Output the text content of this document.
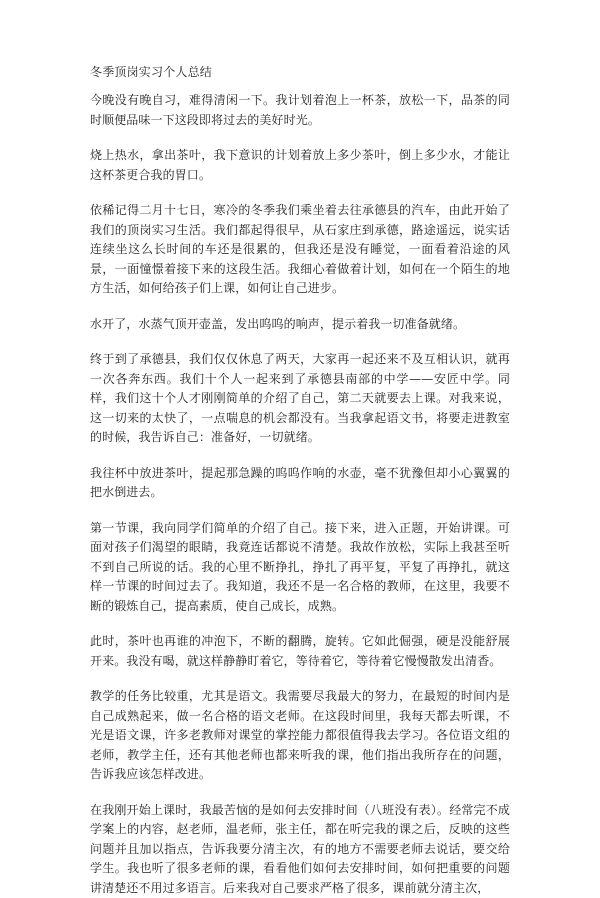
冬季顶岗实习个人总结

今晚没有晚自习，难得清闲一下。我计划着泡上一杯茶，放松一下，品茶的同时顺便品味一下这段即将过去的美好时光。

烧上热水，拿出茶叶，我下意识的计划着放上多少茶叶，倒上多少水，才能让这杯茶更合我的胃口。

依稀记得二月十七日，寒冷的冬季我们乘坐着去往承德县的汽车，由此开始了我们的顶岗实习生活。我们都起得很早，从石家庄到承德，路途遥远，说实话连续坐这么长时间的车还是很累的，但我还是没有睡觉，一面看着沿途的风景，一面憧憬着接下来的这段生活。我细心着做着计划，如何在一个陌生的地方生活，如何给孩子们上课，如何让自己进步。

水开了，水蒸气顶开壶盖，发出呜呜的响声，提示着我一切准备就绪。

终于到了承德县，我们仅仅休息了两天，大家再一起还来不及互相认识，就再一次各奔东西。我们十个人一起来到了承德县南部的中学——安匠中学。同样，我们这十个人才刚刚简单的介绍了自己，第二天就要去上课。对我来说，这一切来的太快了，一点喘息的机会都没有。当我拿起语文书，将要走进教室的时候，我告诉自己：准备好，一切就绪。

我往杯中放进茶叶，提起那急躁的呜呜作响的水壶，毫不犹豫但却小心翼翼的把水倒进去。

第一节课，我向同学们简单的介绍了自己。接下来，进入正题，开始讲课。可面对孩子们渴望的眼睛，我竟连话都说不清楚。我故作放松，实际上我甚至听不到自己所说的话。我的心里不断挣扎，挣扎了再平复，平复了再挣扎，就这样一节课的时间过去了。我知道，我还不是一名合格的教师，在这里，我要不断的锻炼自己，提高素质，使自己成长，成熟。

此时，茶叶也再谁的冲泡下，不断的翻腾，旋转。它如此倔强，硬是没能舒展开来。我没有喝，就这样静静盯着它，等待着它，等待着它慢慢散发出清香。

教学的任务比较重，尤其是语文。我需要尽我最大的努力，在最短的时间内是自己成熟起来，做一名合格的语文老师。在这段时间里，我每天都去听课，不光是语文课，许多老教师对课堂的掌控能力都很值得我去学习。各位语文组的老师，教学主任，还有其他老师也都来听我的课，他们指出我所存在的问题，告诉我应该怎样改进。

在我刚开始上课时，我最苦恼的是如何去安排时间（八班没有表）。经常完不成学案上的内容，赵老师，温老师，张主任，都在听完我的课之后，反映的这些问题并且加以指点，告诉我要分清主次，有的地方不需要老师去说话，要交给学生。我也听了很多老师的课，看看他们如何去安排时间，如何把重要的问题讲清楚还不用过多语言。后来我对自己要求严格了很多，课前就分清主次，
